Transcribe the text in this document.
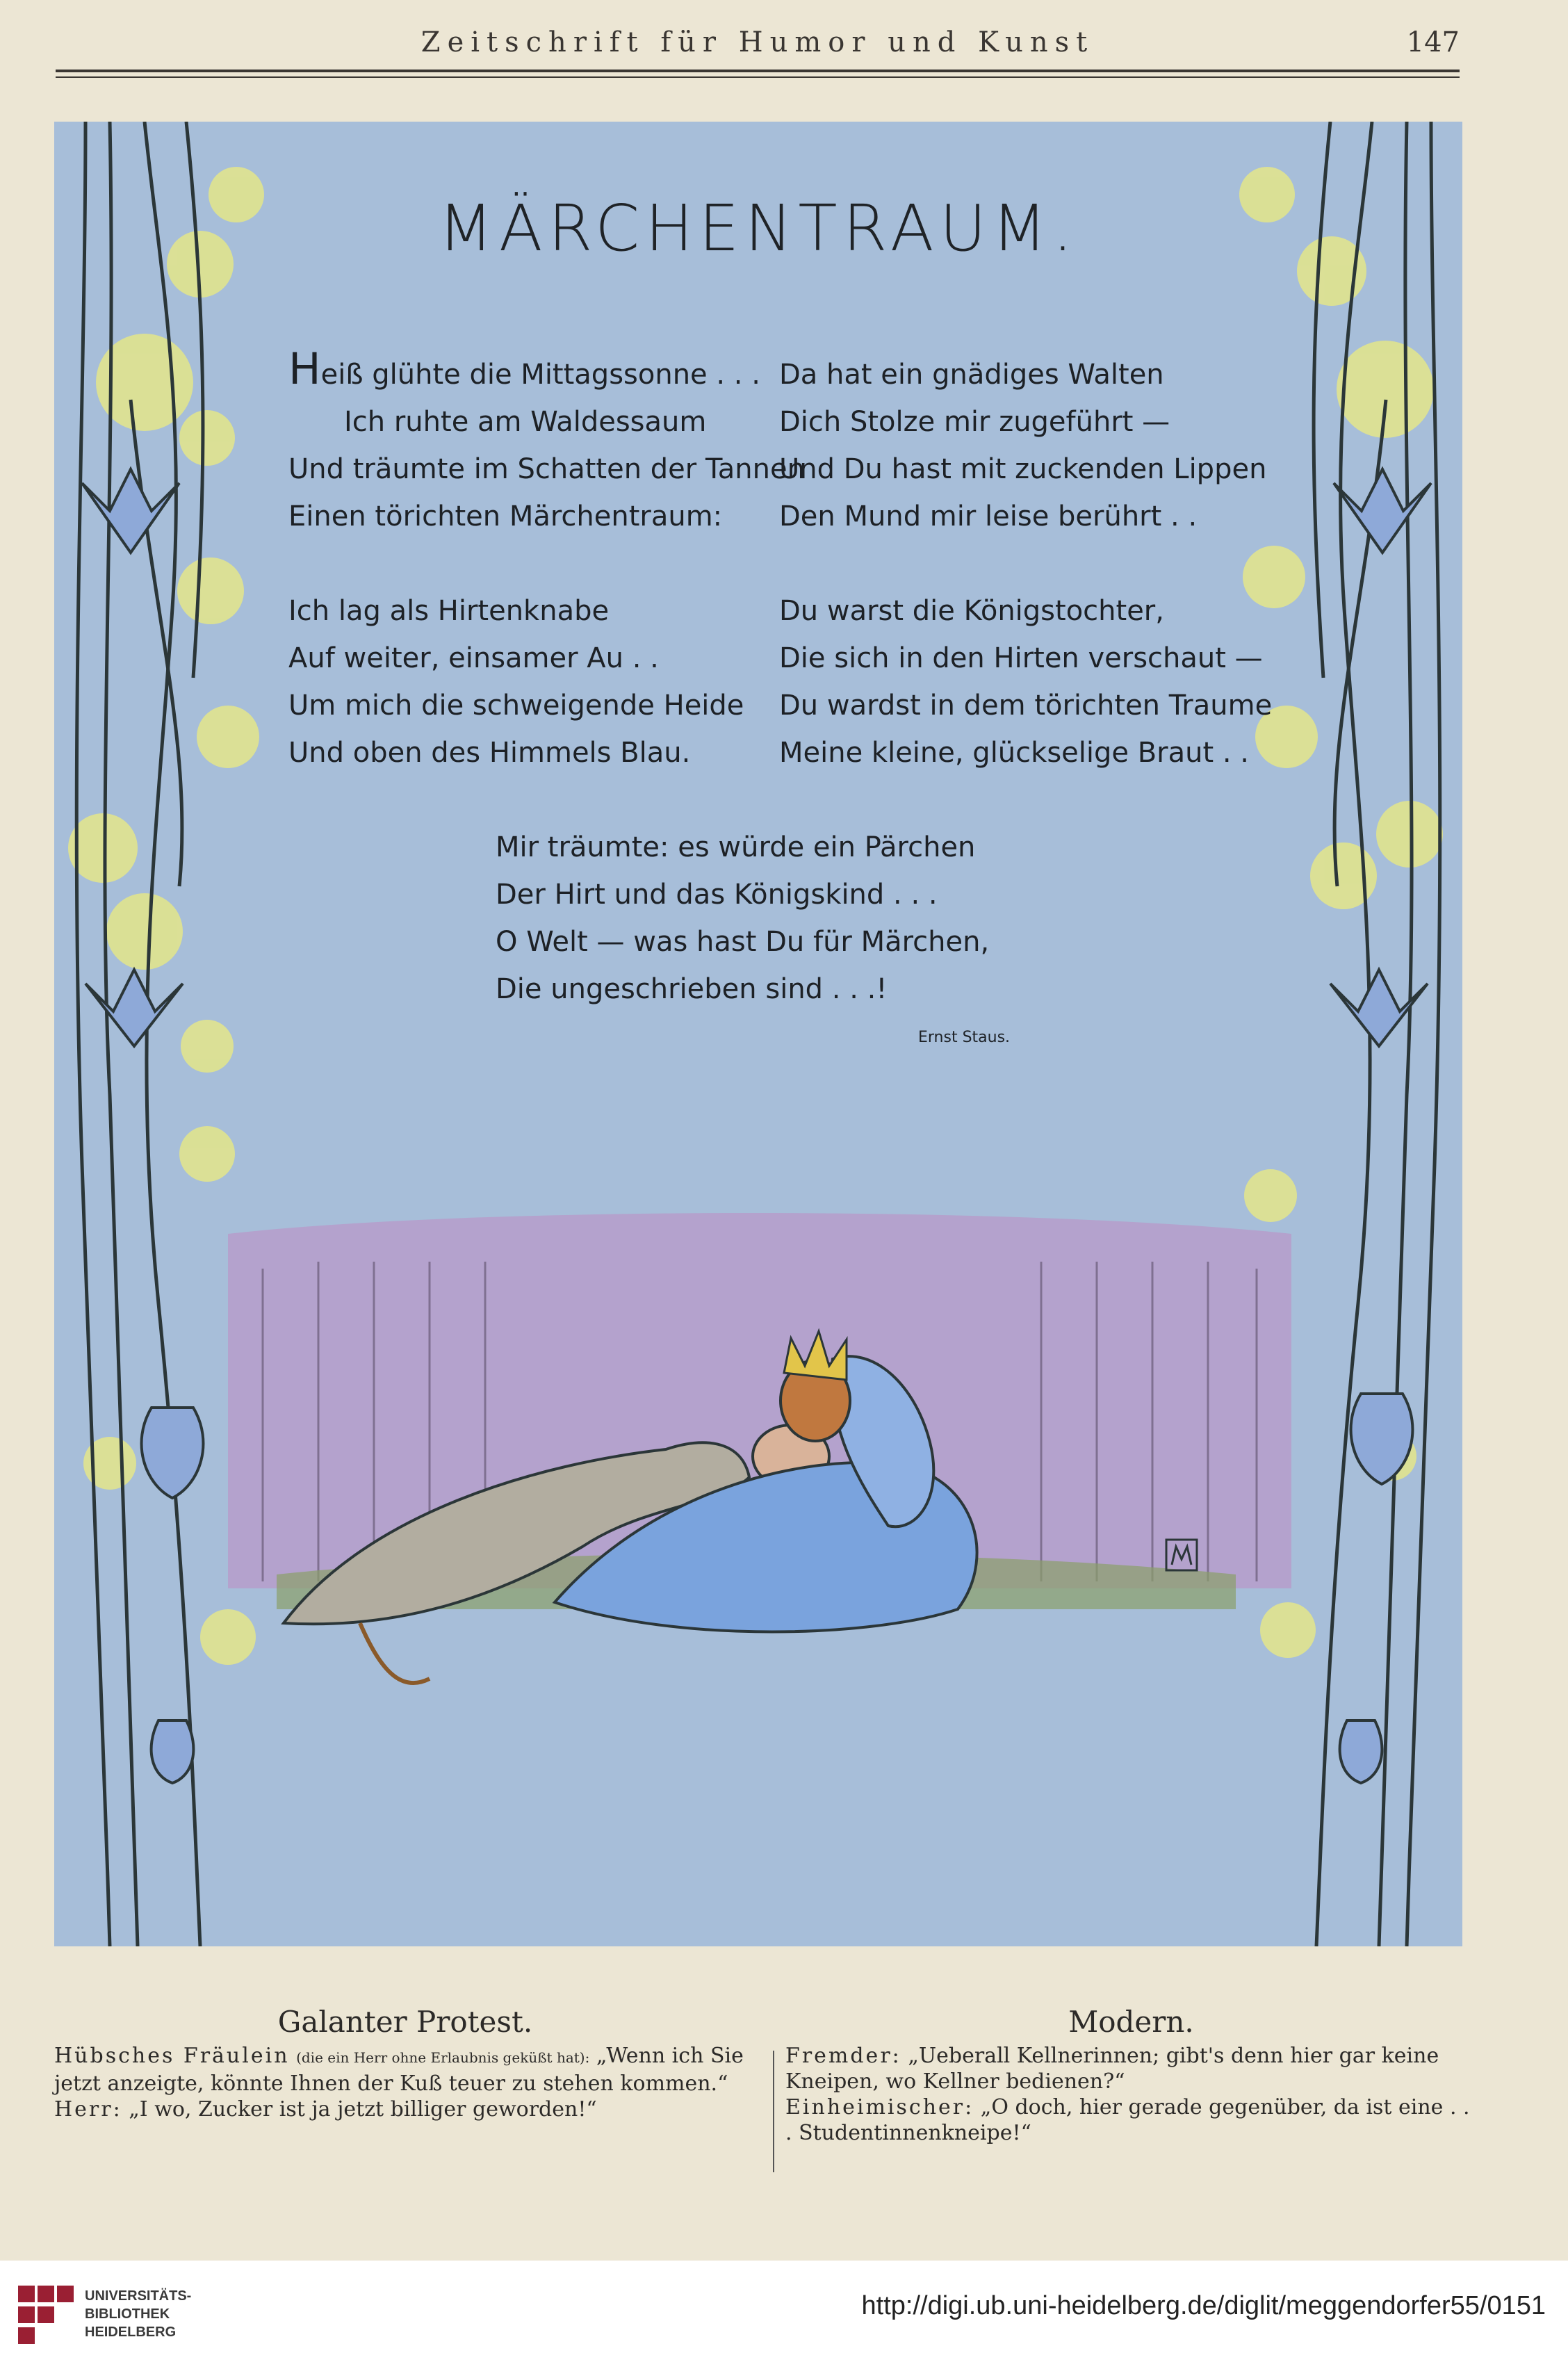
Zeitschrift für Humor und Kunst	147
MÄRCHENTRAUM.
Heiß glühte die Mittagssonne . . .
Ich ruhte am Waldessaum
Und träumte im Schatten der Tannen
Einen törichten Märchentraum:
Ich lag als Hirtenknabe
Auf weiter, einsamer Au . .
Um mich die schweigende Heide
Und oben des Himmels Blau.
Da hat ein gnädiges Walten
Dich Stolze mir zugeführt —
Und Du hast mit zuckenden Lippen
Den Mund mir leise berührt . .
Du warst die Königstochter,
Die sich in den Hirten verschaut —
Du wardst in dem törichten Traume
Meine kleine, glückselige Braut . .
Mir träumte: es würde ein Pärchen
Der Hirt und das Königskind . . .
O Welt — was hast Du für Märchen,
Die ungeschrieben sind . . .!
Ernst Staus.
Galanter Protest.

Hübsches Fräulein (die ein Herr ohne Erlaubnis geküßt hat): „Wenn ich Sie jetzt anzeigte, könnte Ihnen der Kuß teuer zu stehen kommen.“

Herr: „I wo, Zucker ist ja jetzt billiger geworden!“

Modern.

Fremder: „Ueberall Kellnerinnen; gibt's denn hier gar keine Kneipen, wo Kellner bedienen?“

Einheimischer: „O doch, hier gerade gegenüber, da ist eine . . . Studentinnenkneipe!“

UNIVERSITÄTS-
BIBLIOTHEK
HEIDELBERG
http://digi.ub.uni-heidelberg.de/diglit/meggendorfer55/0151
